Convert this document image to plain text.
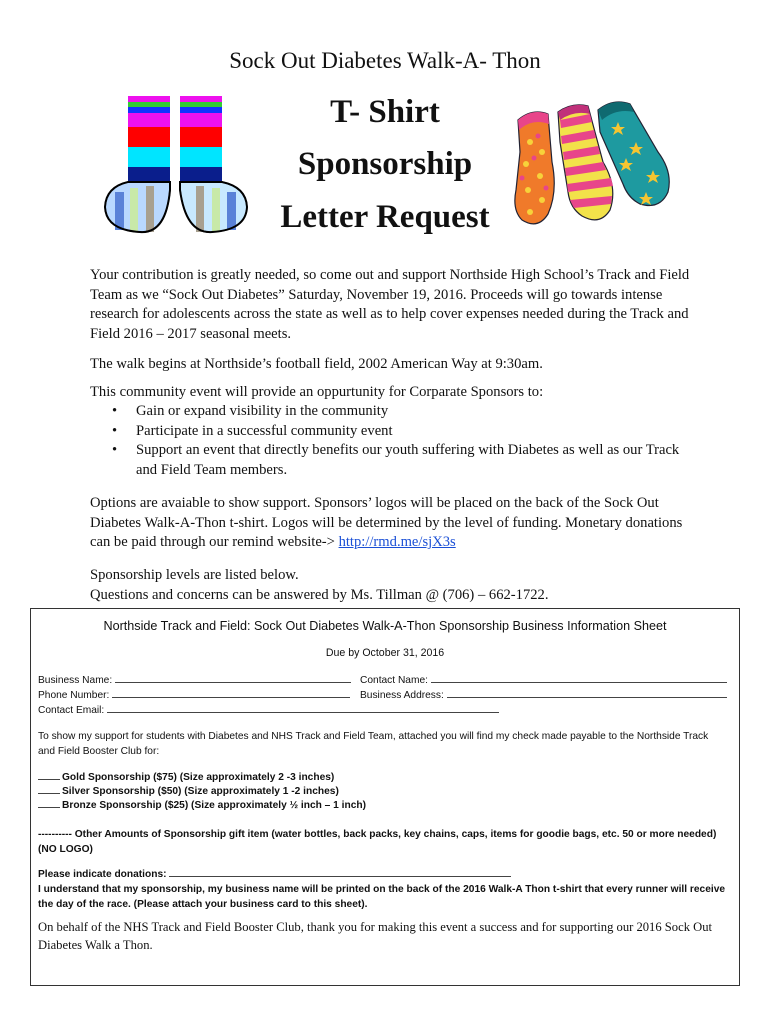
Sock Out Diabetes Walk-A- Thon
T- Shirt
Sponsorship
Letter Request
Your contribution is greatly needed, so come out and support Northside High School’s Track and Field Team as we “Sock Out Diabetes” Saturday, November 19, 2016. Proceeds will go towards intense research for adolescents across the state as well as to help cover expenses needed during the Track and Field 2016 – 2017 seasonal meets.
The walk begins at Northside’s football field, 2002 American Way at 9:30am.
This community event will provide an oppurtunity for Corparate Sponsors to:
• Gain or expand visibility in the community
• Participate in a successful community event
• Support an event that directly benefits our youth suffering with Diabetes as well as our Track and Field Team members.
Options are avaiable to show support. Sponsors’ logos will be placed on the back of the Sock Out Diabetes Walk-A-Thon t-shirt. Logos will be determined by the level of funding. Monetary donations can be paid through our remind website-> http://rmd.me/sjX3s
Sponsorship levels are listed below.
Questions and concerns can be answered by Ms. Tillman @ (706) – 662-1722.
Northside Track and Field: Sock Out Diabetes Walk-A-Thon Sponsorship Business Information Sheet
Due by October 31, 2016
Business Name:	Contact Name:
Phone Number:	Business Address:
Contact Email:
To show my support for students with Diabetes and NHS Track and Field Team, attached you will find my check made payable to the Northside Track and Field Booster Club for:
Gold Sponsorship ($75) (Size approximately 2 -3 inches)
Silver Sponsorship ($50) (Size approximately 1 -2 inches)
Bronze Sponsorship ($25) (Size approximately ½ inch – 1 inch)
---------- Other Amounts of Sponsorship gift item (water bottles, back packs, key chains, caps, items for goodie bags, etc. 50 or more needed) (NO LOGO)
Please indicate donations:
I understand that my sponsorship, my business name will be printed on the back of the 2016 Walk-A Thon t-shirt that every runner will receive the day of the race. (Please attach your business card to this sheet).
On behalf of the NHS Track and Field Booster Club, thank you for making this event a success and for supporting our 2016 Sock Out Diabetes Walk a Thon.
